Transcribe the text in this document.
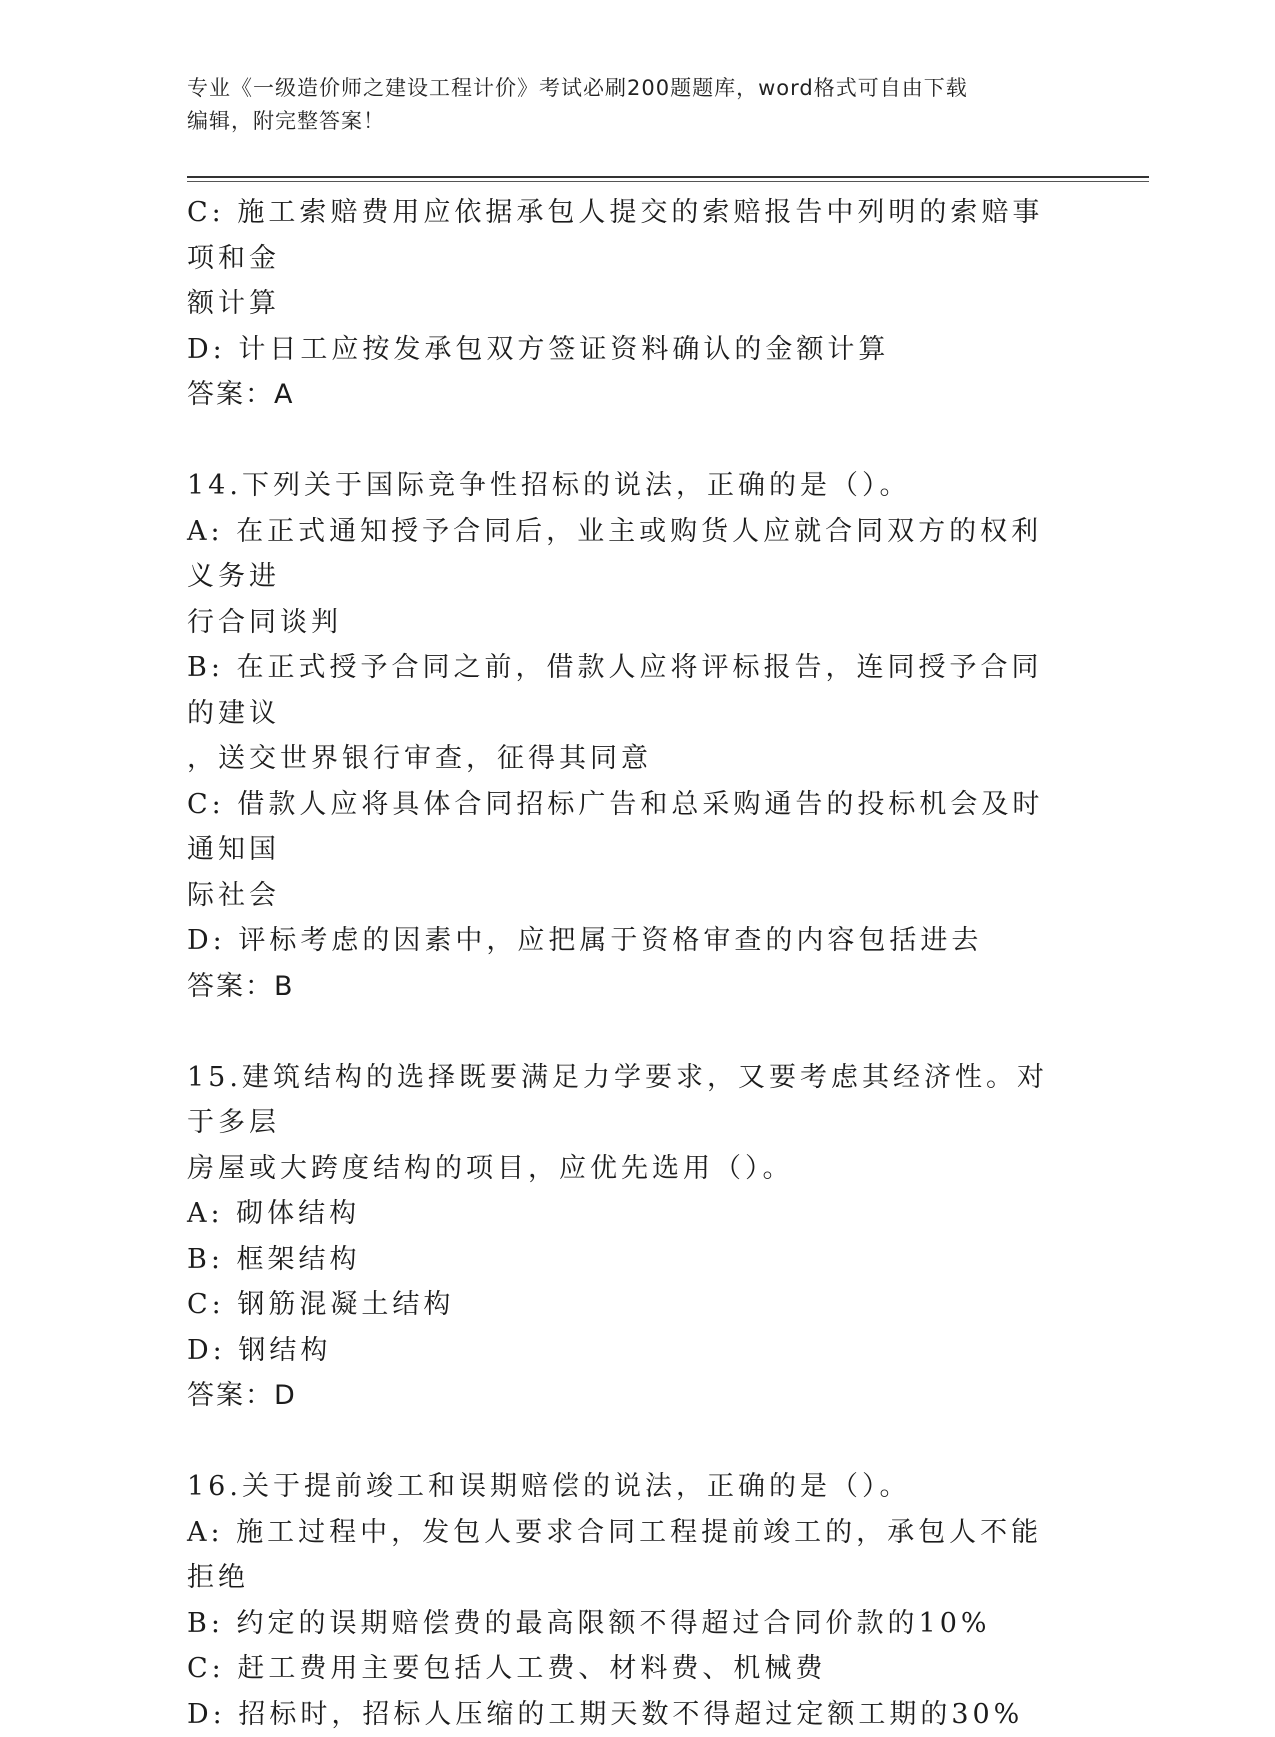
专业《一级造价师之建设工程计价》考试必刷200题题库，word格式可自由下载
编辑，附完整答案！
C: 施工索赔费用应依据承包人提交的索赔报告中列明的索赔事项和金
额计算
D: 计日工应按发承包双方签证资料确认的金额计算
答案：A
14.下列关于国际竞争性招标的说法，正确的是（）。
A: 在正式通知授予合同后，业主或购货人应就合同双方的权利义务进
行合同谈判
B: 在正式授予合同之前，借款人应将评标报告，连同授予合同的建议
，送交世界银行审查，征得其同意
C: 借款人应将具体合同招标广告和总采购通告的投标机会及时通知国
际社会
D: 评标考虑的因素中，应把属于资格审查的内容包括进去
答案：B
15.建筑结构的选择既要满足力学要求，又要考虑其经济性。对于多层
房屋或大跨度结构的项目，应优先选用（）。
A: 砌体结构
B: 框架结构
C: 钢筋混凝土结构
D: 钢结构
答案：D
16.关于提前竣工和误期赔偿的说法，正确的是（）。
A: 施工过程中，发包人要求合同工程提前竣工的，承包人不能拒绝
B: 约定的误期赔偿费的最高限额不得超过合同价款的10%
C: 赶工费用主要包括人工费、材料费、机械费
D: 招标时，招标人压缩的工期天数不得超过定额工期的30%
